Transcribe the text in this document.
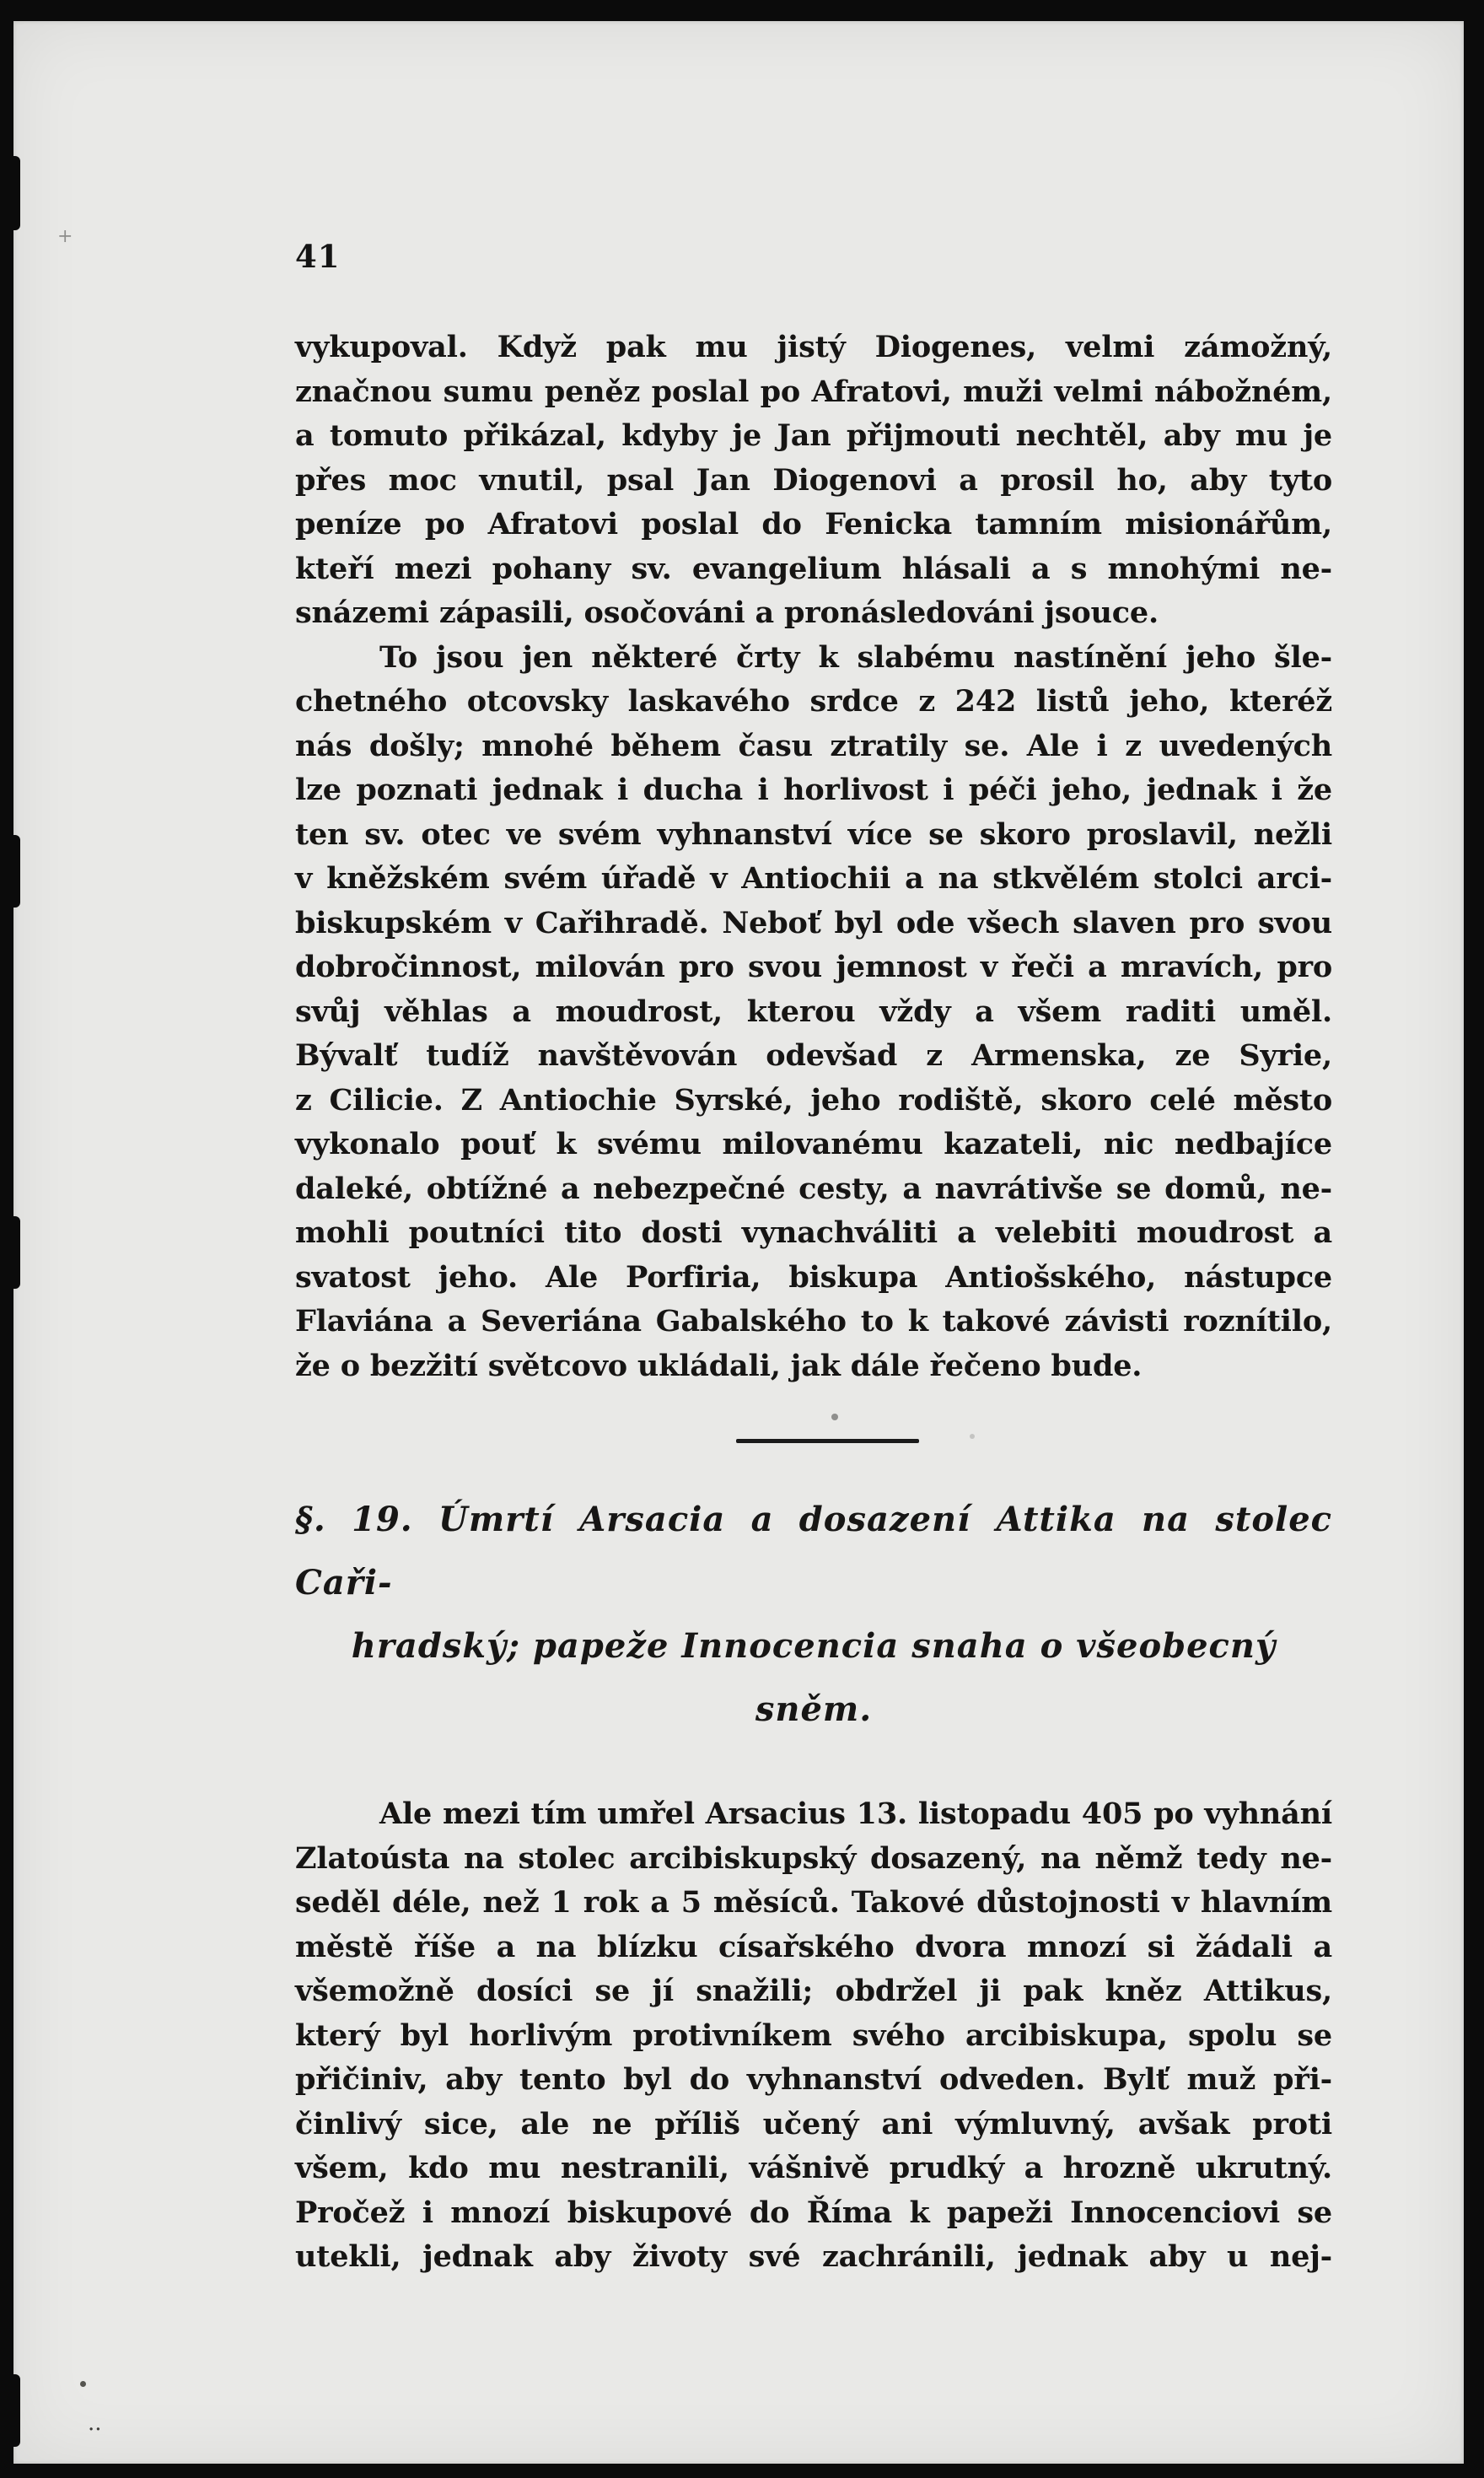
41
vykupoval. Když pak mu jistý Diogenes, velmi zámožný,
značnou sumu peněz poslal po Afratovi, muži velmi nábožném,
a tomuto přikázal, kdyby je Jan přijmouti nechtěl, aby mu je
přes moc vnutil, psal Jan Diogenovi a prosil ho, aby tyto
peníze po Afratovi poslal do Fenicka tamním misionářům,
kteří mezi pohany sv. evangelium hlásali a s mnohými ne-
snázemi zápasili, osočováni a pronásledováni jsouce.
To jsou jen některé črty k slabému nastínění jeho šle-
chetného otcovsky laskavého srdce z 242 listů jeho, kteréž
nás došly; mnohé během času ztratily se. Ale i z uvedených
lze poznati jednak i ducha i horlivost i péči jeho, jednak i že
ten sv. otec ve svém vyhnanství více se skoro proslavil, nežli
v kněžském svém úřadě v Antiochii a na stkvělém stolci arci-
biskupském v Cařihradě. Neboť byl ode všech slaven pro svou
dobročinnost, milován pro svou jemnost v řeči a mravích, pro
svůj věhlas a moudrost, kterou vždy a všem raditi uměl.
Bývalť tudíž navštěvován odevšad z Armenska, ze Syrie,
z Cilicie. Z Antiochie Syrské, jeho rodiště, skoro celé město
vykonalo pouť k svému milovanému kazateli, nic nedbajíce
daleké, obtížné a nebezpečné cesty, a navrátivše se domů, ne-
mohli poutníci tito dosti vynachváliti a velebiti moudrost a
svatost jeho. Ale Porfiria, biskupa Antiošského, nástupce
Flaviána a Severiána Gabalského to k takové závisti roznítilo,
že o bezžití světcovo ukládali, jak dále řečeno bude.
§. 19. Úmrtí Arsacia a dosazení Attika na stolec Caři-
hradský; papeže Innocencia snaha o všeobecný sněm.
Ale mezi tím umřel Arsacius 13. listopadu 405 po vyhnání
Zlatoústa na stolec arcibiskupský dosazený, na němž tedy ne-
seděl déle, než 1 rok a 5 měsíců. Takové důstojnosti v hlavním
městě říše a na blízku císařského dvora mnozí si žádali a
všemožně dosíci se jí snažili; obdržel ji pak kněz Attikus,
který byl horlivým protivníkem svého arcibiskupa, spolu se
přičiniv, aby tento byl do vyhnanství odveden. Bylť muž při-
činlivý sice, ale ne příliš učený ani výmluvný, avšak proti
všem, kdo mu nestranili, vášnivě prudký a hrozně ukrutný.
Pročež i mnozí biskupové do Říma k papeži Innocenciovi se
utekli, jednak aby životy své zachránili, jednak aby u nej-
+
..
